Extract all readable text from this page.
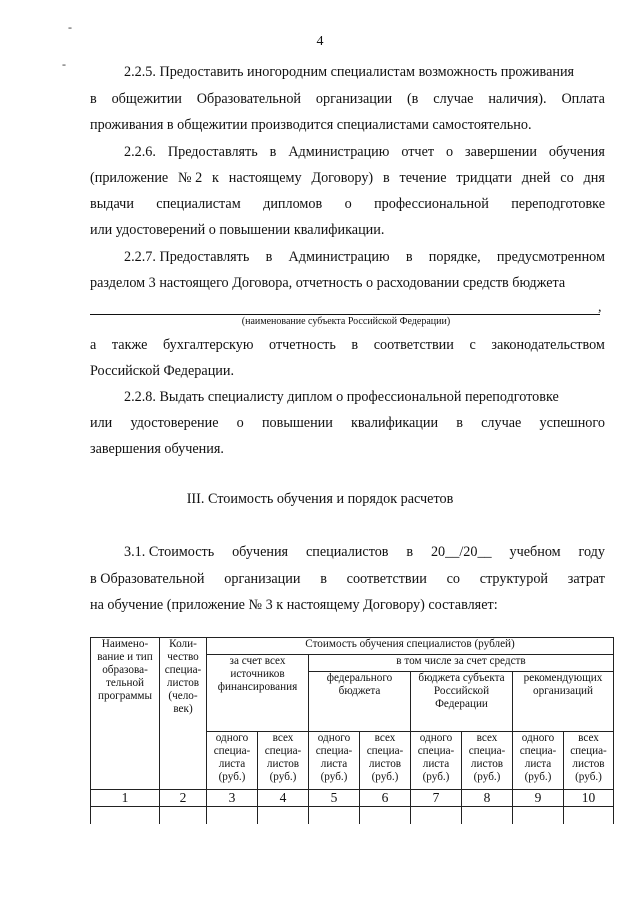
4
-
-	2.2.5. Предоставить иногородним специалистам возможность проживания
в общежитии Образовательной организации (в случае наличия). Оплата
проживания в общежитии производится специалистами самостоятельно.
2.2.6. Предоставлять в Администрацию отчет о завершении обучения
(приложение № 2 к настоящему Договору) в течение тридцати дней со дня
выдачи специалистам дипломов о профессиональной переподготовке
или удостоверений о повышении квалификации.
2.2.7. Предоставлять в Администрацию в порядке, предусмотренном
разделом 3 настоящего Договора, отчетность о расходовании средств бюджета
,
(наименование субъекта Российской Федерации)
а также бухгалтерскую отчетность в соответствии с законодательством
Российской Федерации.
2.2.8. Выдать специалисту диплом о профессиональной переподготовке
или удостоверение о повышении квалификации в случае успешного
завершения обучения.
III. Стоимость обучения и порядок расчетов
3.1. Стоимость обучения специалистов в 20__/20__ учебном году
в Образовательной организации в соответствии со структурой затрат
на обучение (приложение № 3 к настоящему Договору) составляет:
Наимено-вание и тип образова-тельной программы	Коли-чество специа-листов (чело-век)	Стоимость обучения специалистов (рублей)							
		за счет всех источников финансирования		в том числе за счет средств					
				федерального бюджета		бюджета субъекта Российской Федерации		рекомендующих организаций	
		одного специа-листа (руб.)	всех специа-листов (руб.)	одного специа-листа (руб.)	всех специа-листов (руб.)	одного специа-листа (руб.)	всех специа-листов (руб.)	одного специа-листа (руб.)	всех специа-листов (руб.)
1	2	3	4	5	6	7	8	9	10
